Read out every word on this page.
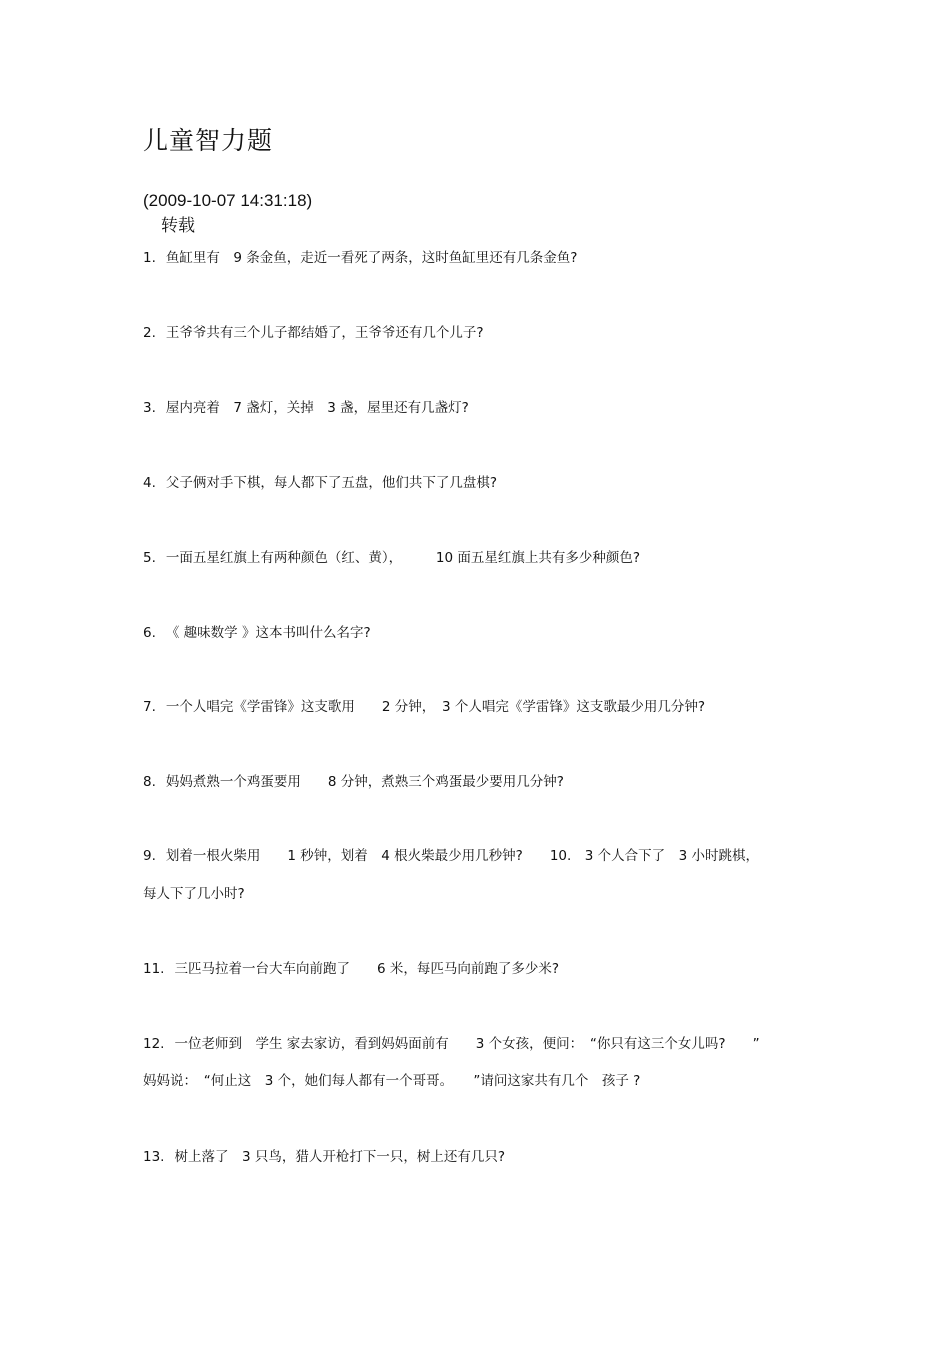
儿童智力题
(2009-10-07 14:31:18)
转载
1. 鱼缸里有　9 条金鱼，走近一看死了两条，这时鱼缸里还有几条金鱼?
2. 王爷爷共有三个儿子都结婚了，王爷爷还有几个儿子?
3. 屋内亮着　7 盏灯，关掉　3 盏，屋里还有几盏灯?
4. 父子俩对手下棋，每人都下了五盘，他们共下了几盘棋?
5. 一面五星红旗上有两种颜色（红、黄），　　　10 面五星红旗上共有多少种颜色?
6. 《 趣味数学 》这本书叫什么名字?
7. 一个人唱完《学雷锋》这支歌用　　2 分钟，　3 个人唱完《学雷锋》这支歌最少用几分钟?
8. 妈妈煮熟一个鸡蛋要用　　8 分钟，煮熟三个鸡蛋最少要用几分钟?
9. 划着一根火柴用　　1 秒钟，划着　4 根火柴最少用几秒钟?　　10.　3 个人合下了　3 小时跳棋，
每人下了几小时?
11. 三匹马拉着一台大车向前跑了　　6 米，每匹马向前跑了多少米?
12. 一位老师到　学生 家去家访，看到妈妈面前有　　3 个女孩，便问：　“你只有这三个女儿吗?　　”
妈妈说：　“何止这　3 个，她们每人都有一个哥哥。　　”请问这家共有几个　孩子 ?
13. 树上落了　3 只鸟，猎人开枪打下一只，树上还有几只?
